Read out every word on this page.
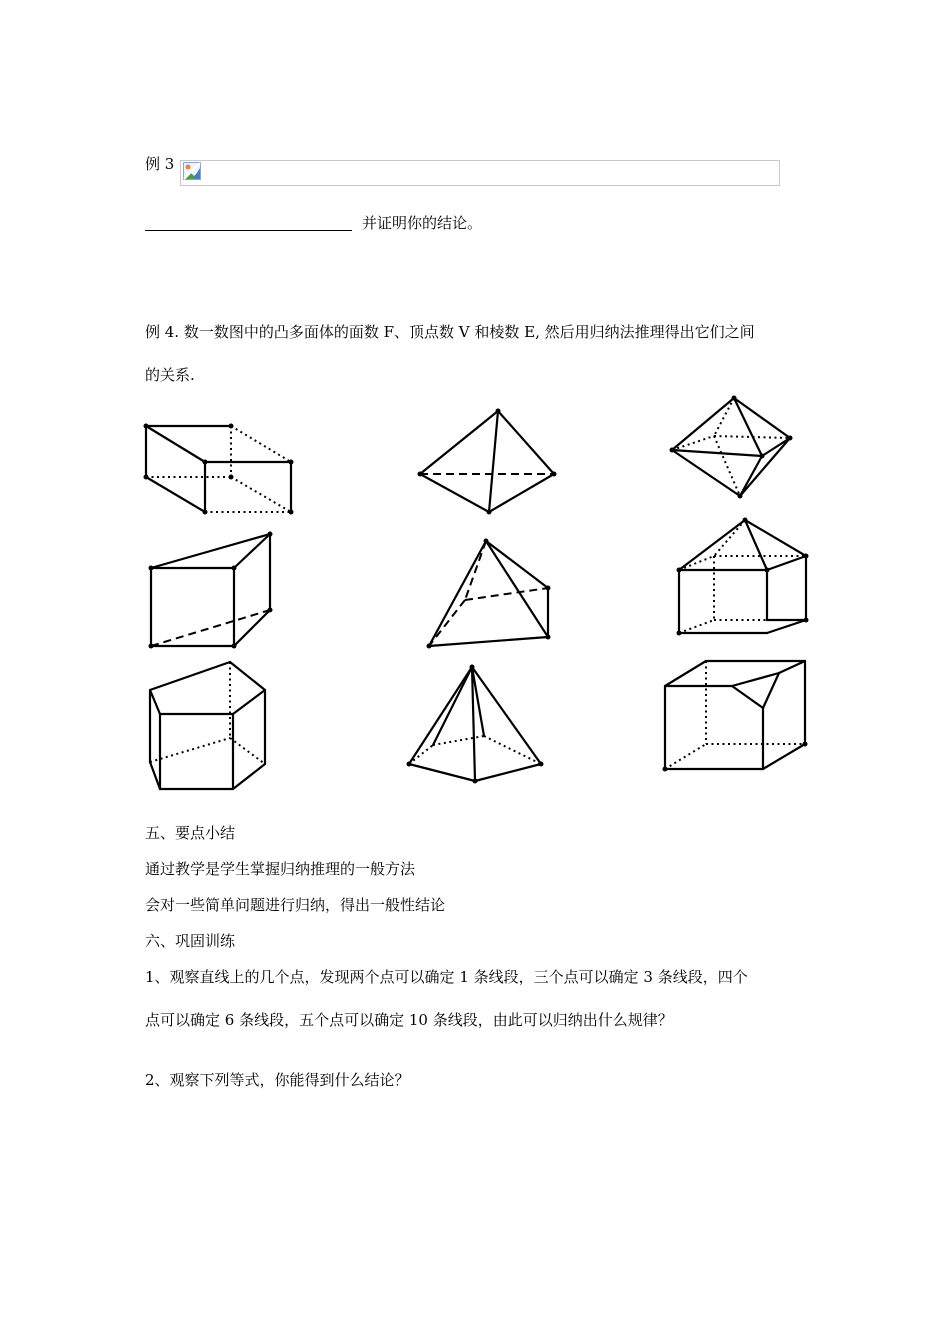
例 3
并证明你的结论。
例 4. 数一数图中的凸多面体的面数 F、顶点数 V 和棱数 E, 然后用归纳法推理得出它们之间
的关系.
五、要点小结
通过教学是学生掌握归纳推理的一般方法
会对一些简单问题进行归纳，得出一般性结论
六、巩固训练
1、观察直线上的几个点，发现两个点可以确定 1 条线段，三个点可以确定 3 条线段，四个
点可以确定 6 条线段，五个点可以确定 10 条线段，由此可以归纳出什么规律？
2、观察下列等式，你能得到什么结论？
